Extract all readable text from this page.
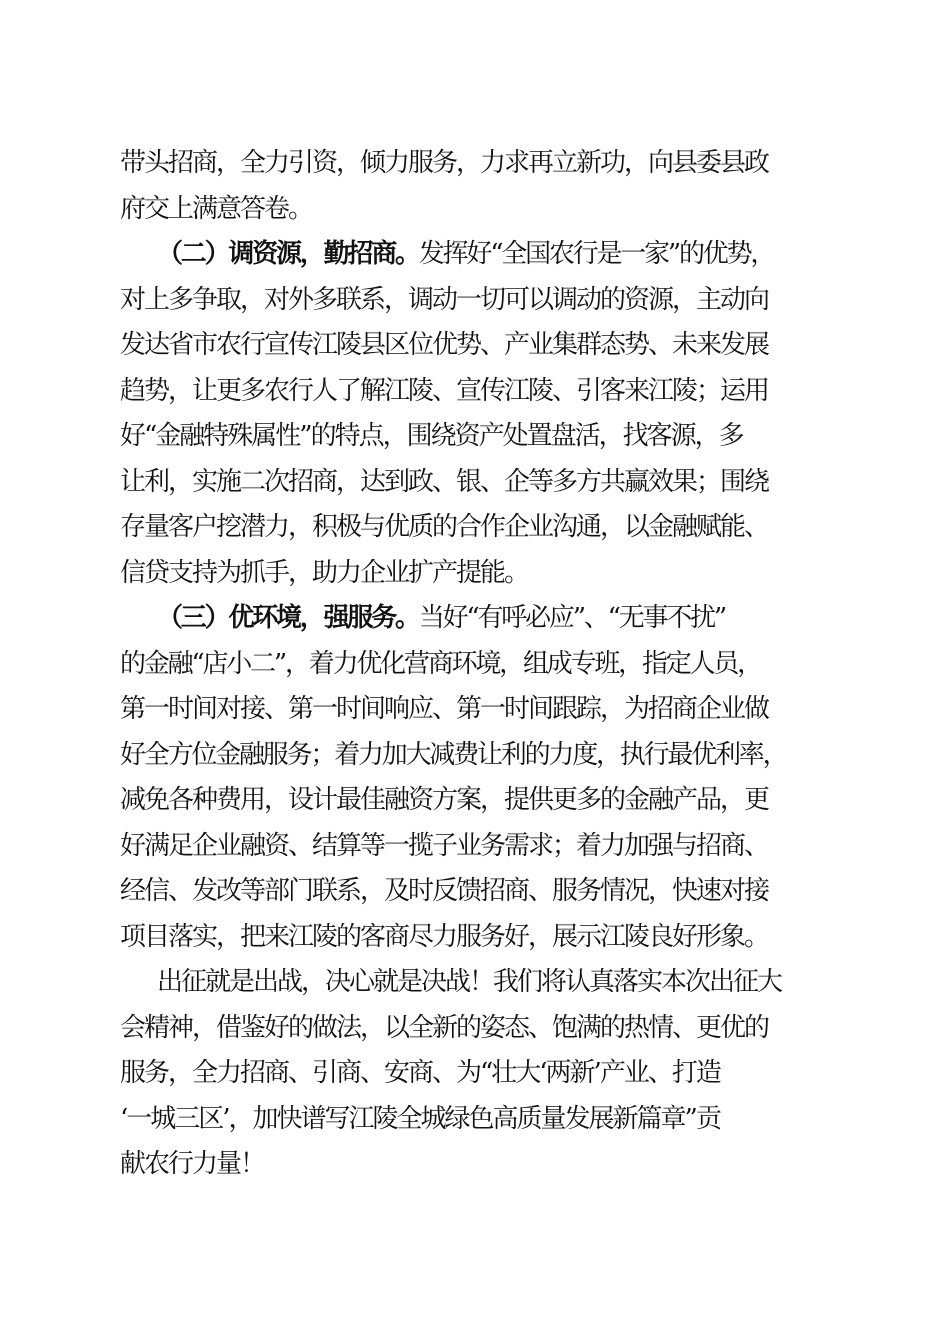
带头招商，全力引资，倾力服务，力求再立新功，向县委县政
府交上满意答卷。
（二）调资源，勤招商。发挥好“全国农行是一家”的优势，
对上多争取，对外多联系，调动一切可以调动的资源，主动向
发达省市农行宣传江陵县区位优势、产业集群态势、未来发展
趋势，让更多农行人了解江陵、宣传江陵、引客来江陵；运用
好“金融特殊属性”的特点，围绕资产处置盘活，找客源，多
让利，实施二次招商，达到政、银、企等多方共赢效果；围绕
存量客户挖潜力，积极与优质的合作企业沟通，以金融赋能、
信贷支持为抓手，助力企业扩产提能。
（三）优环境，强服务。当好“有呼必应”、“无事不扰”
的金融“店小二”，着力优化营商环境，组成专班，指定人员，
第一时间对接、第一时间响应、第一时间跟踪，为招商企业做
好全方位金融服务；着力加大减费让利的力度，执行最优利率，
减免各种费用，设计最佳融资方案，提供更多的金融产品，更
好满足企业融资、结算等一揽子业务需求；着力加强与招商、
经信、发改等部门联系，及时反馈招商、服务情况，快速对接
项目落实，把来江陵的客商尽力服务好，展示江陵良好形象。
出征就是出战，决心就是决战！我们将认真落实本次出征大
会精神，借鉴好的做法，以全新的姿态、饱满的热情、更优的
服务，全力招商、引商、安商、为“壮大‘两新’产业、打造
‘一城三区’，加快谱写江陵全城绿色高质量发展新篇章”贡
献农行力量！
